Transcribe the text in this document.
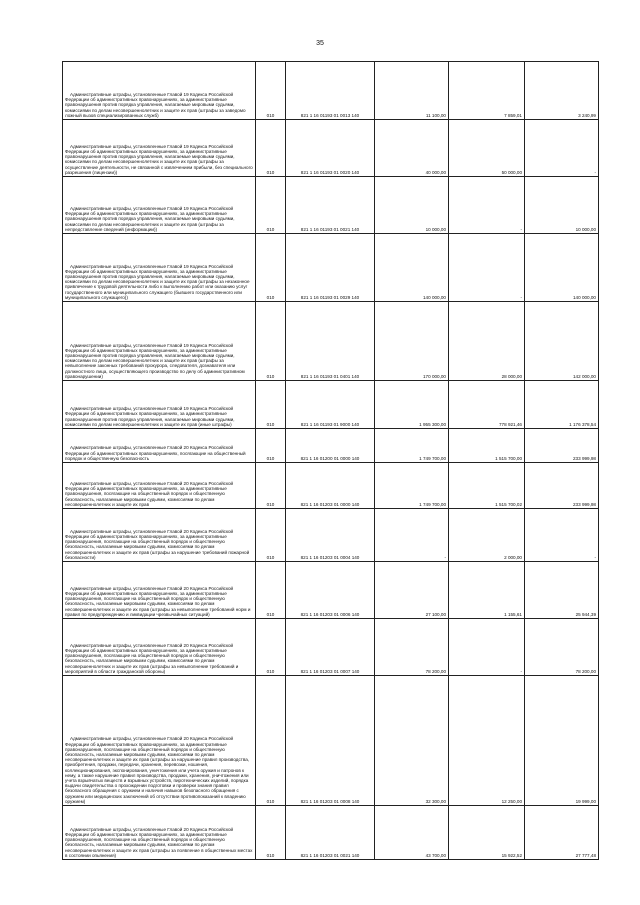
35
Административные штрафы, установленные Главой 19 Кодекса Российской Федерации об административных правонарушениях, за административные правонарушения против порядка управления, налагаемые мировыми судьями, комиссиями по делам несовершеннолетних и защите их прав (штрафы за заведомо ложный вызов специализированных служб)	010	821 1 16 01193 01 0013 140	11 100,00	7 859,01	3 240,99

Административные штрафы, установленные Главой 19 Кодекса Российской Федерации об административных правонарушениях, за административные правонарушения против порядка управления, налагаемые мировыми судьями, комиссиями по делам несовершеннолетних и защите их прав (штрафы за осуществление деятельности, не связанной с извлечением прибыли, без специального разрешения (лицензии))	010	821 1 16 01193 01 0020 140	40 000,00	50 000,00	-

Административные штрафы, установленные Главой 19 Кодекса Российской Федерации об административных правонарушениях, за административные правонарушения против порядка управления, налагаемые мировыми судьями, комиссиями по делам несовершеннолетних и защите их прав (штрафы за непредставление сведений (информации))	010	821 1 16 01193 01 0021 140	10 000,00	-	10 000,00

Административные штрафы, установленные Главой 19 Кодекса Российской Федерации об административных правонарушениях, за административные правонарушения против порядка управления, налагаемые мировыми судьями, комиссиями по делам несовершеннолетних и защите их прав (штрафы за незаконное привлечение к трудовой деятельности либо к выполнению работ или оказанию услуг государственного или муниципального служащего (бывшего государственного или муниципального служащего))	010	821 1 16 01193 01 0029 140	140 000,00	-	140 000,00

Административные штрафы, установленные Главой 19 Кодекса Российской Федерации об административных правонарушениях, за административные правонарушения против порядка управления, налагаемые мировыми судьями, комиссиями по делам несовершеннолетних и защите их прав (штрафы за невыполнение законных требований прокурора, следователя, дознавателя или должностного лица, осуществляющего производство по делу об административном правонарушении)	010	821 1 16 01193 01 0401 140	170 000,00	28 000,00	142 000,00

Административные штрафы, установленные Главой 19 Кодекса Российской Федерации об административных правонарушениях, за административные правонарушения против порядка управления, налагаемые мировыми судьями, комиссиями по делам несовершеннолетних и защите их прав (иные штрафы)	010	821 1 16 01193 01 9000 140	1 955 300,00	778 921,46	1 176 378,54

Административные штрафы, установленные Главой 20 Кодекса Российской Федерации об административных правонарушениях, посягающие на общественный порядок и общественную безопасность	010	821 1 16 01200 01 0000 140	1 749 700,00	1 515 700,00	233 999,98

Административные штрафы, установленные Главой 20 Кодекса Российской Федерации об административных правонарушениях, за административные правонарушения, посягающие на общественный порядок и общественную безопасность, налагаемые мировыми судьями, комиссиями по делам несовершеннолетних и защите их прав	010	821 1 16 01203 01 0000 140	1 749 700,00	1 515 700,02	233 999,98

Административные штрафы, установленные Главой 20 Кодекса Российской Федерации об административных правонарушениях, за административные правонарушения, посягающие на общественный порядок и общественную безопасность, налагаемые мировыми судьями, комиссиями по делам несовершеннолетних и защите их прав (штрафы за нарушение требований пожарной безопасности)	010	821 1 16 01203 01 0004 140	-	2 000,00	-

Административные штрафы, установленные Главой 20 Кодекса Российской Федерации об административных правонарушениях, за административные правонарушения, посягающие на общественный порядок и общественную безопасность, налагаемые мировыми судьями, комиссиями по делам несовершеннолетних и защите их прав (штрафы за невыполнение требований норм и правил по предупреждению и ликвидации чрезвычайных ситуаций)	010	821 1 16 01203 01 0006 140	27 100,00	1 155,61	25 944,39

Административные штрафы, установленные Главой 20 Кодекса Российской Федерации об административных правонарушениях, за административные правонарушения, посягающие на общественный порядок и общественную безопасность, налагаемые мировыми судьями, комиссиями по делам несовершеннолетних и защите их прав (штрафы за невыполнение требований и мероприятий в области гражданской обороны)	010	821 1 16 01203 01 0007 140	78 200,00	-	78 200,00

Административные штрафы, установленные Главой 20 Кодекса Российской Федерации об административных правонарушениях, за административные правонарушения, посягающие на общественный порядок и общественную безопасность, налагаемые мировыми судьями, комиссиями по делам несовершеннолетних и защите их прав (штрафы за нарушение правил производства, приобретения, продажи, передачи, хранения, перевозки, ношения, коллекционирования, экспонирования, уничтожения или учета оружия и патронов к нему, а также нарушение правил производства, продажи, хранения, уничтожения или учета взрывчатых веществ и взрывных устройств, пиротехнических изделий, порядка выдачи свидетельства о прохождении подготовки и проверки знания правил безопасного обращения с оружием и наличия навыков безопасного обращения с оружием или медицинских заключений об отсутствии противопоказаний к владению оружием)	010	821 1 16 01203 01 0008 140	32 300,00	12 250,00	19 999,00

Административные штрафы, установленные Главой 20 Кодекса Российской Федерации об административных правонарушениях, за административные правонарушения, посягающие на общественный порядок и общественную безопасность, налагаемые мировыми судьями, комиссиями по делам несовершеннолетних и защите их прав (штрафы за появление в общественных местах в состоянии опьянения)	010	821 1 16 01203 01 0021 140	43 700,00	15 922,52	27 777,48
